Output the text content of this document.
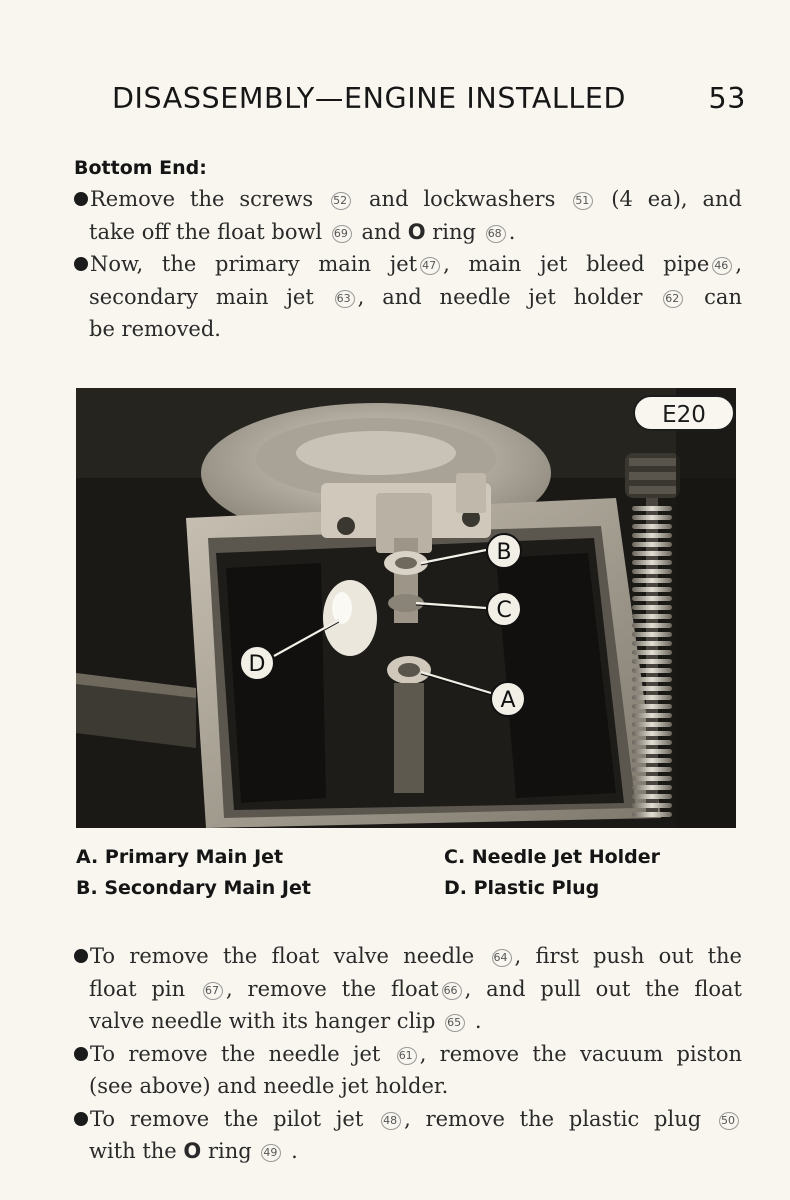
DISASSEMBLY—ENGINE INSTALLED	53
Bottom End:
Remove the screws 52 and lockwashers 51 (4 ea), and
take off the float bowl 69 and O ring 68 .
Now, the primary main jet 47 , main jet bleed pipe 46 ,
secondary main jet 63 , and needle jet holder 62 can
be removed.
B
C
D
A
E20
A. Primary Main Jet
B. Secondary Main Jet
C. Needle Jet Holder
D. Plastic Plug
To remove the float valve needle 64 , first push out the
float pin 67 , remove the float 66 , and pull out the float
valve needle with its hanger clip 65 .
To remove the needle jet 61 , remove the vacuum piston
(see above) and needle jet holder.
To remove the pilot jet 48 , remove the plastic plug 50
with the O ring 49 .
